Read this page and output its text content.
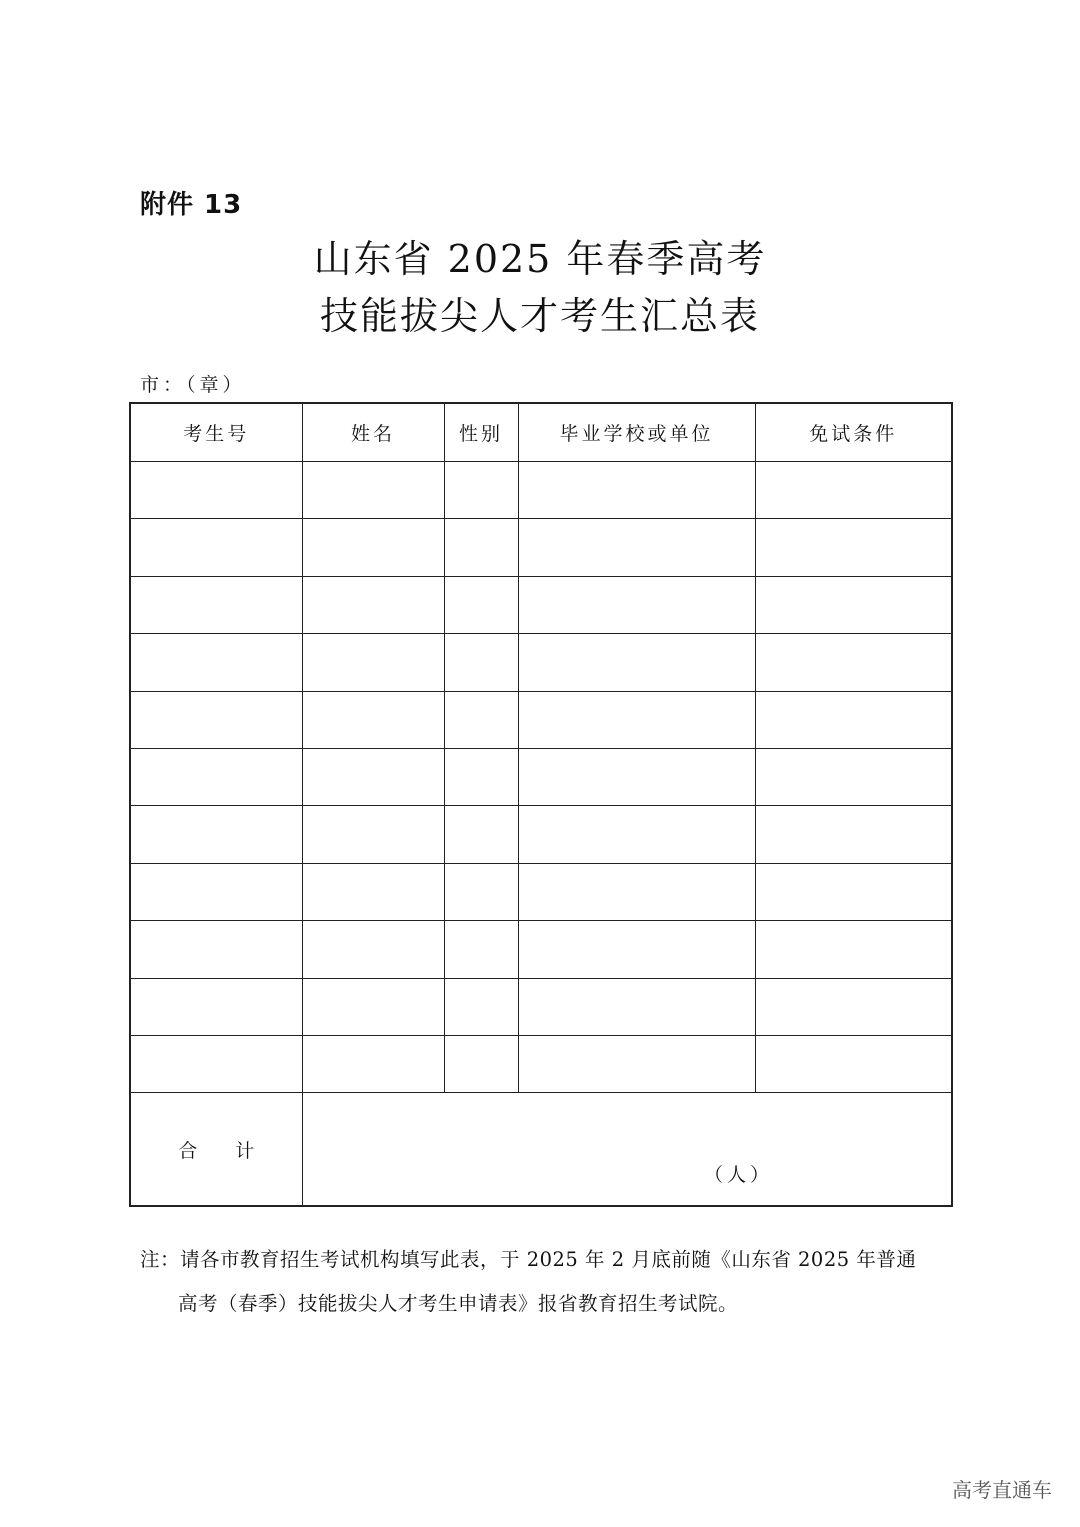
附件 13
山东省 2025 年春季高考
技能拔尖人才考生汇总表
市：（章）
考生号	姓名	性别	毕业学校或单位	免试条件

合 计	（人）			
注：请各市教育招生考试机构填写此表，于 2025 年 2 月底前随《山东省 2025 年普通
高考（春季）技能拔尖人才考生申请表》报省教育招生考试院。
高考直通车
